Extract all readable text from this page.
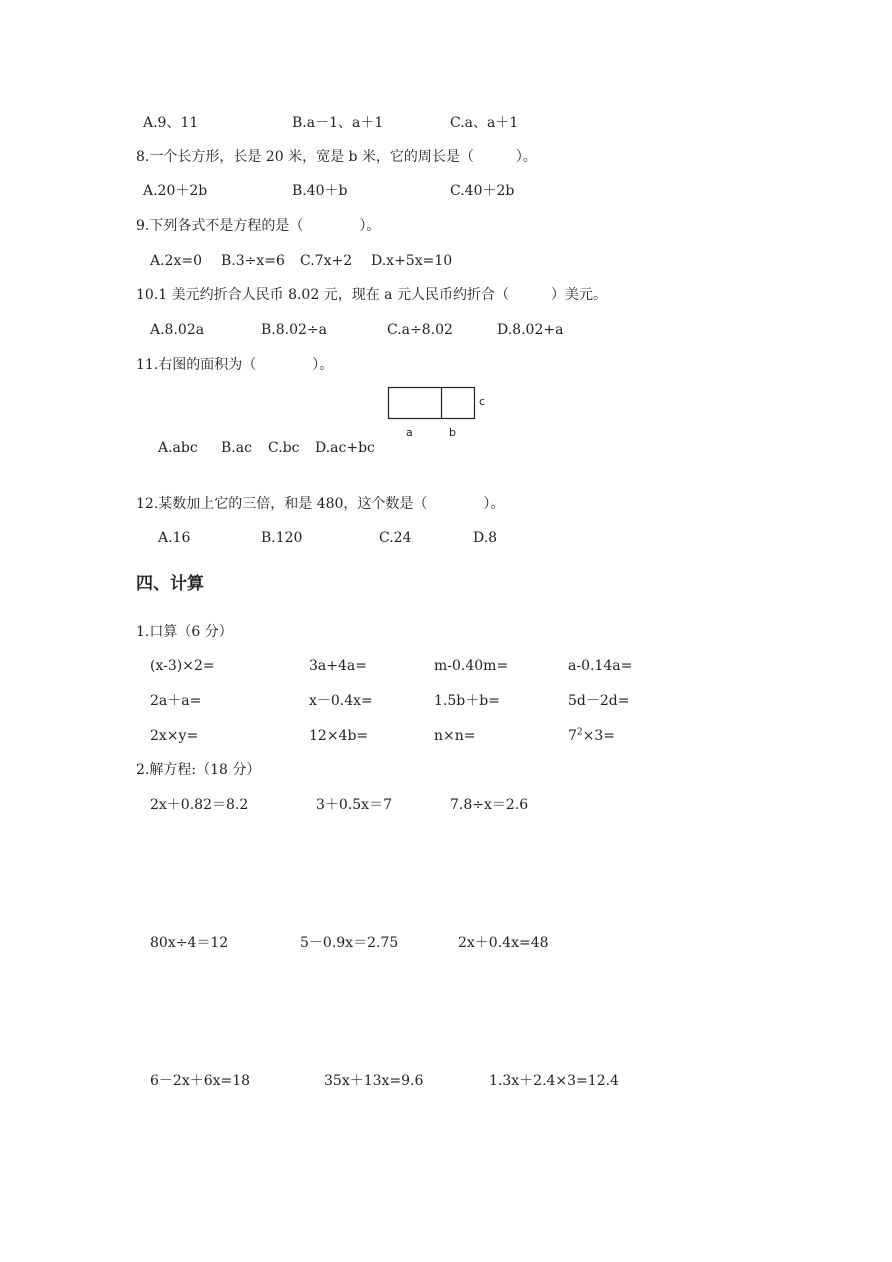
A.9、11	B.a－1、a＋1	C.a、a＋1
8.一个长方形，长是 20 米，宽是 b 米，它的周长是（　　　）。
A.20＋2b	B.40＋b	C.40＋2b
9.下列各式不是方程的是（　　　　）。
A.2x=0 B.3÷x=6 C.7x+2 D.x+5x=10
10.1 美元约折合人民币 8.02 元，现在 a 元人民币约折合（　　　）美元。
A.8.02a	B.8.02÷a	C.a÷8.02	D.8.02+a
11.右图的面积为（　　　　）。
c
a	b
A.abc B.ac C.bc D.ac+bc
12.某数加上它的三倍，和是 480，这个数是（　　　　）。
A.16	B.120	C.24	D.8
四、计算
1.口算（6 分）
(x-3)×2=	3a+4a=	m-0.40m=	a-0.14a=
2a＋a=	x－0.4x=	1.5b＋b=	5d－2d=
2x×y=	12×4b=	n×n=	$7^2\times 3=$
2.解方程:（18 分）
2x＋0.82＝8.2	3＋0.5x＝7	7.8÷x＝2.6
80x÷4＝12	5－0.9x＝2.75	2x＋0.4x=48
6－2x＋6x=18	35x＋13x=9.6	1.3x＋2.4×3=12.4
